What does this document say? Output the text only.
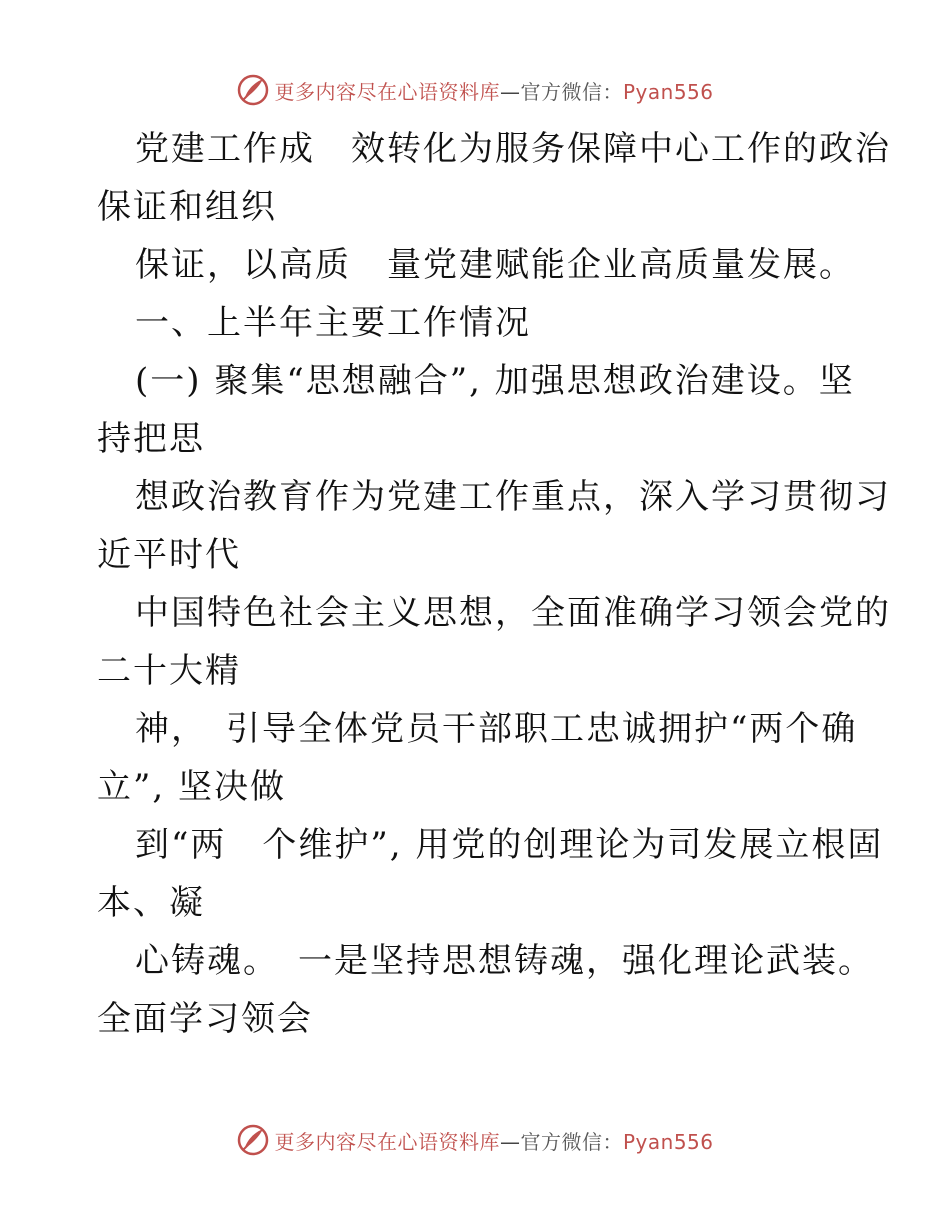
更多内容尽在心语资料库—官方微信：Pyan556
党建工作成　效转化为服务保障中心工作的政治
保证和组织
保证，以高质　量党建赋能企业高质量发展。
一、上半年主要工作情况
(一) 聚集“思想融合”, 加强思想政治建设。坚
持把思
想政治教育作为党建工作重点，深入学习贯彻习
近平时代
中国特色社会主义思想，全面准确学习领会党的
二十大精
神，　引导全体党员干部职工忠诚拥护“两个确
立”, 坚决做
到“两　个维护”, 用党的创理论为司发展立根固
本、凝
心铸魂。　一是坚持思想铸魂，强化理论武装。
全面学习领会
更多内容尽在心语资料库—官方微信：Pyan556
